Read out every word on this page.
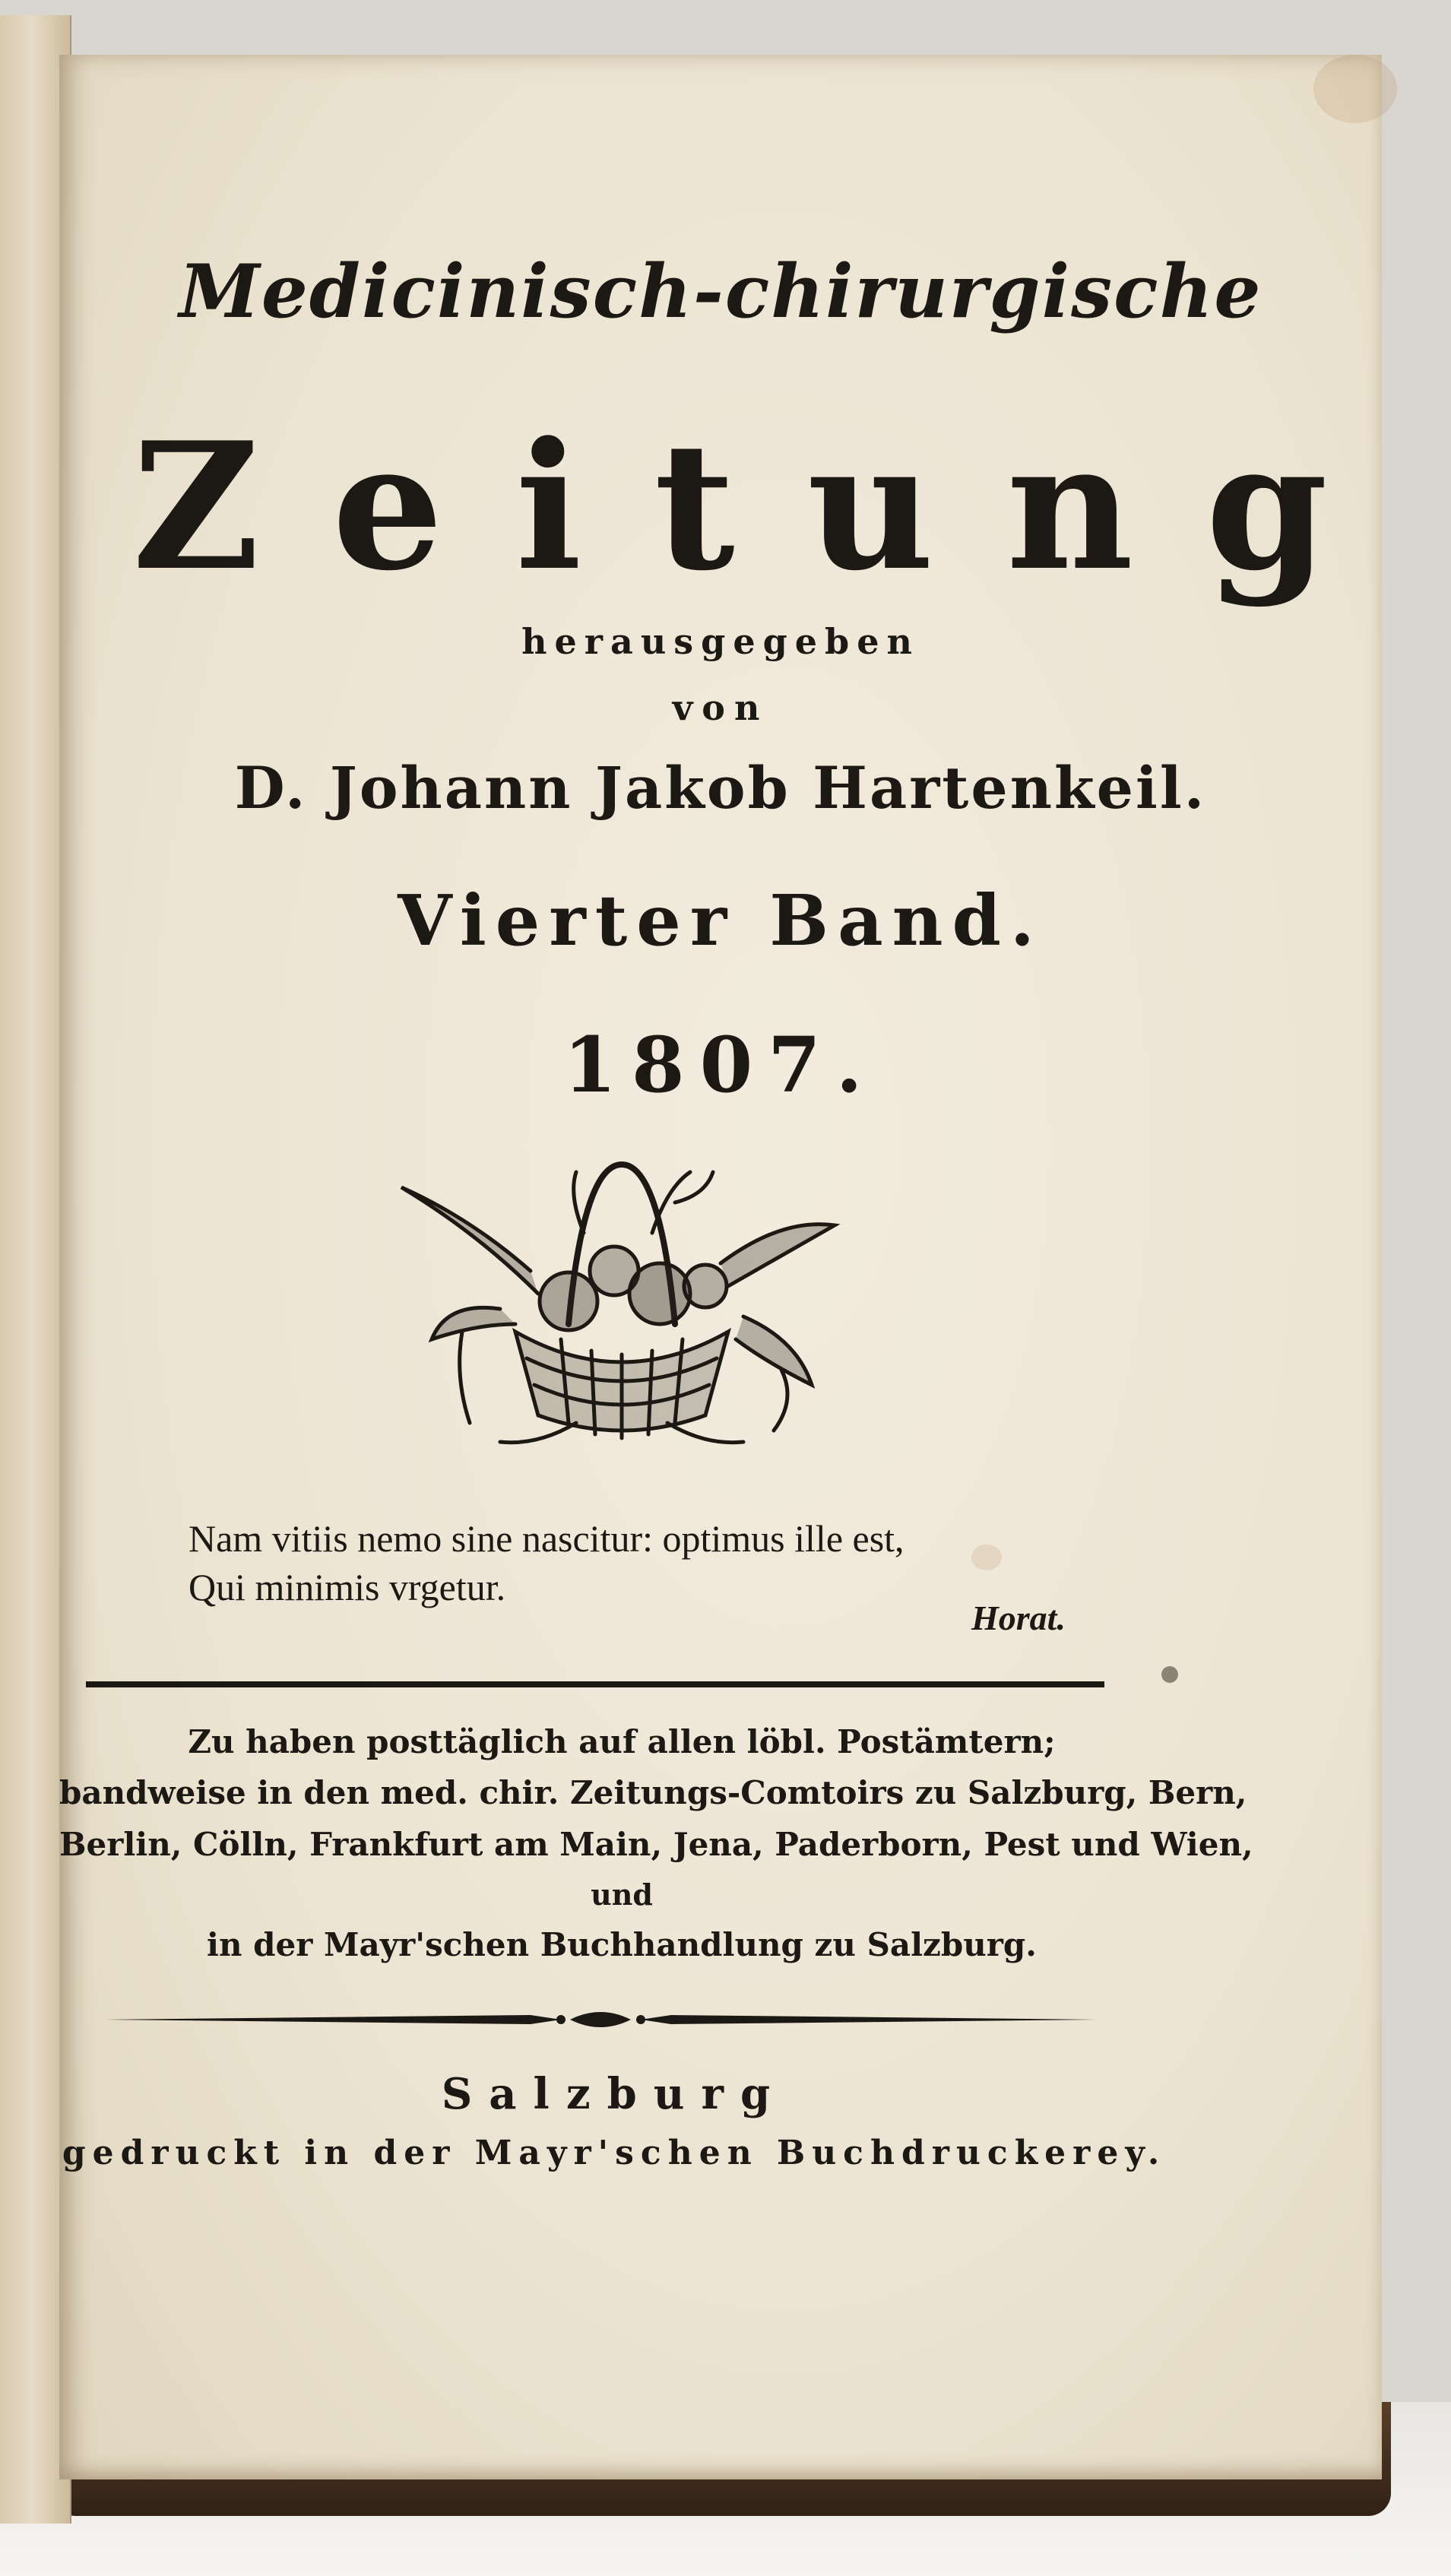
Medicinisch-chirurgische
Zeitung
herausgegeben
von
D. Johann Jakob Hartenkeil.
Vierter Band.
1807.
Nam vitiis nemo sine nascitur: optimus ille est,
Qui minimis vrgetur.
Horat.
Zu haben posttäglich auf allen löbl. Postämtern;
bandweise in den med. chir. Zeitungs-Comtoirs zu Salzburg, Bern,
Berlin, Cölln, Frankfurt am Main, Jena, Paderborn, Pest und Wien,
und
in der Mayr'schen Buchhandlung zu Salzburg.
Salzburg
gedruckt in der Mayr'schen Buchdruckerey.
